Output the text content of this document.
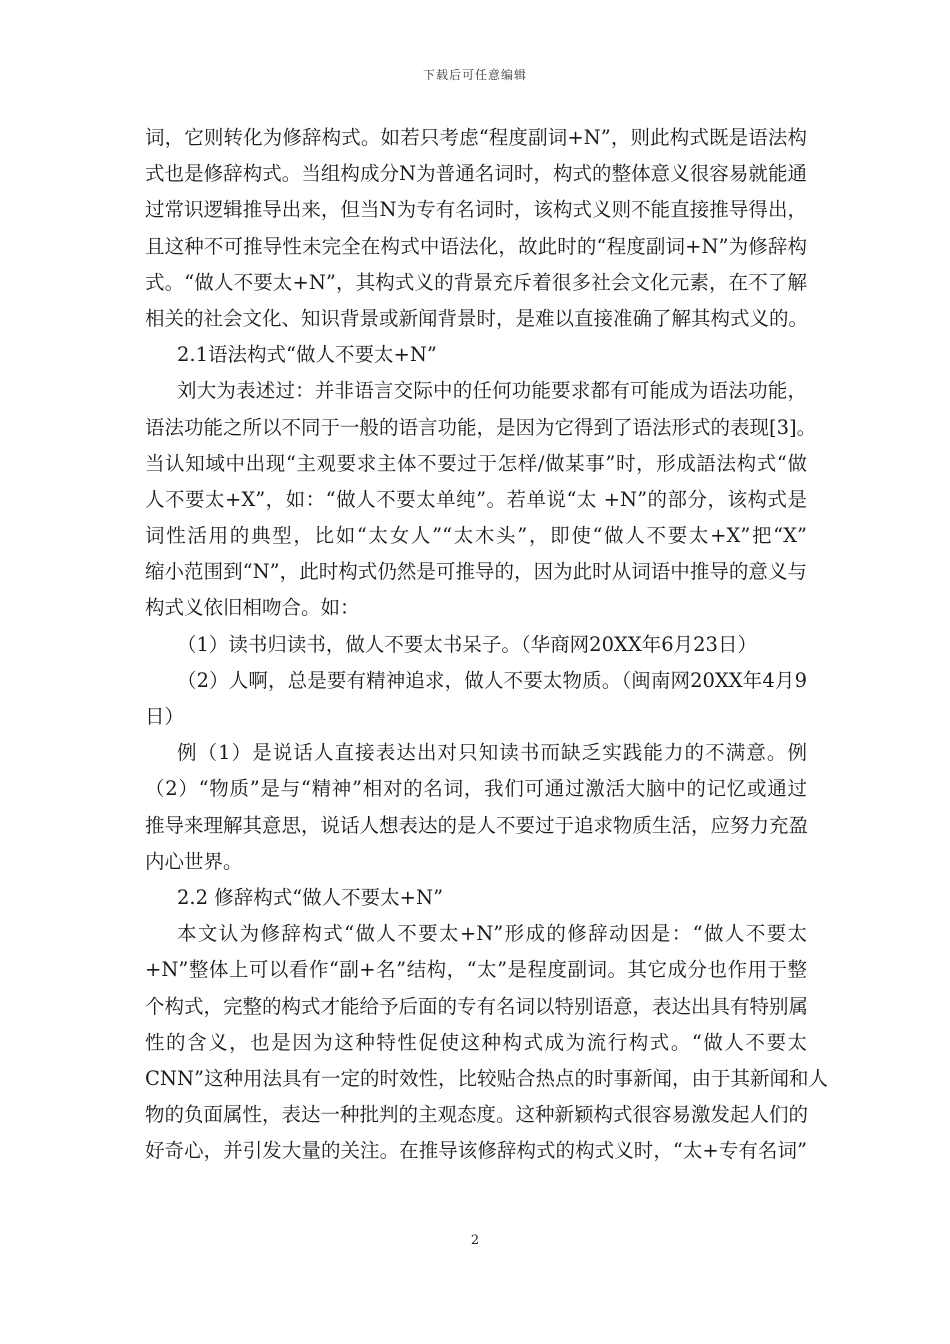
下载后可任意编辑
词，它则转化为修辞构式。如若只考虑“程度副词+N”，则此构式既是语法构
式也是修辞构式。当组构成分N为普通名词时，构式的整体意义很容易就能通
过常识逻辑推导出来，但当N为专有名词时，该构式义则不能直接推导得出，
且这种不可推导性未完全在构式中语法化，故此时的“程度副词+N”为修辞构
式。“做人不要太+N”，其构式义的背景充斥着很多社会文化元素，在不了解
相关的社会文化、知识背景或新闻背景时，是难以直接准确了解其构式义的。
2.1语法构式“做人不要太+N”
刘大为表述过：并非语言交际中的任何功能要求都有可能成为语法功能，
语法功能之所以不同于一般的语言功能，是因为它得到了语法形式的表现[3]。
当认知域中出现“主观要求主体不要过于怎样/做某事”时，形成語法构式“做
人不要太+X”，如：“做人不要太单纯”。若单说“太 +N”的部分，该构式是
词性活用的典型，比如“太女人”“太木头”，即使“做人不要太+X”把“X”
缩小范围到“N”，此时构式仍然是可推导的，因为此时从词语中推导的意义与
构式义依旧相吻合。如：
（1）读书归读书，做人不要太书呆子。（华商网20XX年6月23日）
（2）人啊，总是要有精神追求，做人不要太物质。（闽南网20XX年4月9
日）
例（1）是说话人直接表达出对只知读书而缺乏实践能力的不满意。例
（2）“物质”是与“精神”相对的名词，我们可通过激活大脑中的记忆或通过
推导来理解其意思，说话人想表达的是人不要过于追求物质生活，应努力充盈
内心世界。
2.2 修辞构式“做人不要太+N”
本文认为修辞构式“做人不要太+N”形成的修辞动因是：“做人不要太
+N”整体上可以看作“副+名”结构，“太”是程度副词。其它成分也作用于整
个构式，完整的构式才能给予后面的专有名词以特别语意，表达出具有特别属
性的含义，也是因为这种特性促使这种构式成为流行构式。“做人不要太
CNN”这种用法具有一定的时效性，比较贴合热点的时事新闻，由于其新闻和人
物的负面属性，表达一种批判的主观态度。这种新颖构式很容易激发起人们的
好奇心，并引发大量的关注。在推导该修辞构式的构式义时，“太+专有名词”
2
